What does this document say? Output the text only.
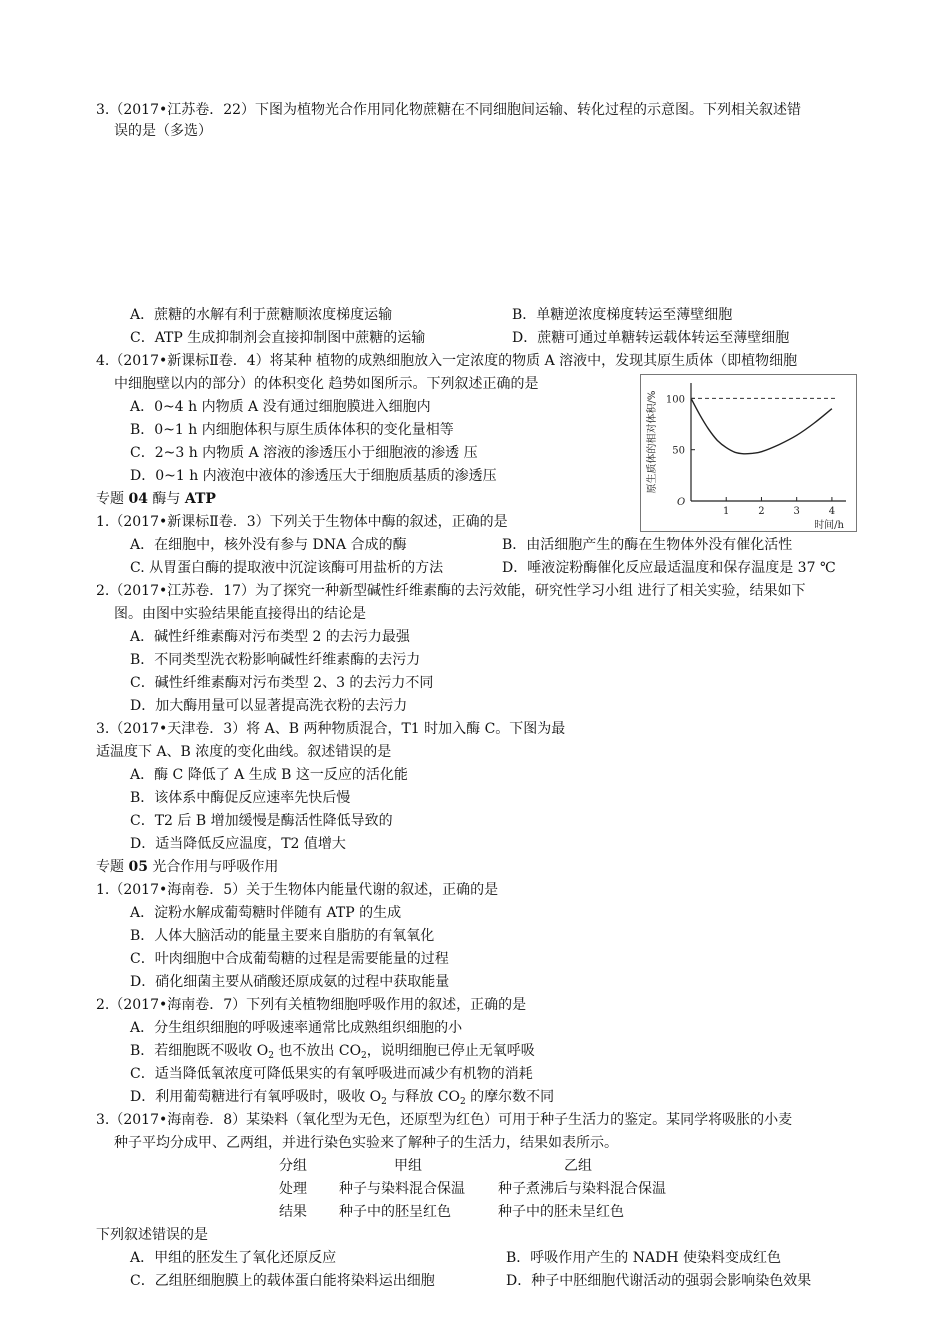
3.（2017•江苏卷．22）下图为植物光合作用同化物蔗糖在不同细胞间运输、转化过程的示意图。下列相关叙述错
误的是（多选）
A．蔗糖的水解有利于蔗糖顺浓度梯度运输	B．单糖逆浓度梯度转运至薄壁细胞
C．ATP 生成抑制剂会直接抑制图中蔗糖的运输	D．蔗糖可通过单糖转运载体转运至薄壁细胞
4.（2017•新课标Ⅱ卷．4）将某种 植物的成熟细胞放入一定浓度的物质 A 溶液中，发现其原生质体（即植物细胞
中细胞壁以内的部分）的体积变化 趋势如图所示。下列叙述正确的是
A．0~4 h 内物质 A 没有通过细胞膜进入细胞内
B．0~1 h 内细胞体积与原生质体体积的变化量相等
C．2~3 h 内物质 A 溶液的渗透压小于细胞液的渗透 压
D．0~1 h 内液泡中液体的渗透压大于细胞质基质的渗透压
1	2	3	4
50
100
O
时间/h
原生质体的相对体积/%
专题 04 酶与 ATP
1.（2017•新课标Ⅱ卷．3）下列关于生物体中酶的叙述，正确的是
A．在细胞中，核外没有参与 DNA 合成的酶	B．由活细胞产生的酶在生物体外没有催化活性
C. 从胃蛋白酶的提取液中沉淀该酶可用盐析的方法	D．唾液淀粉酶催化反应最适温度和保存温度是 37 ℃
2.（2017•江苏卷．17）为了探究一种新型碱性纤维素酶的去污效能，研究性学习小组 进行了相关实验，结果如下
图。由图中实验结果能直接得出的结论是
A．碱性纤维素酶对污布类型 2 的去污力最强
B．不同类型洗衣粉影响碱性纤维素酶的去污力
C．碱性纤维素酶对污布类型 2、3 的去污力不同
D．加大酶用量可以显著提高洗衣粉的去污力
3.（2017•天津卷．3）将 A、B 两种物质混合，T1 时加入酶 C。下图为最
适温度下 A、B 浓度的变化曲线。叙述错误的是
A．酶 C 降低了 A 生成 B 这一反应的活化能
B．该体系中酶促反应速率先快后慢
C．T2 后 B 增加缓慢是酶活性降低导致的
D．适当降低反应温度，T2 值增大
专题 05 光合作用与呼吸作用
1.（2017•海南卷．5）关于生物体内能量代谢的叙述，正确的是
A．淀粉水解成葡萄糖时伴随有 ATP 的生成
B．人体大脑活动的能量主要来自脂肪的有氧氧化
C．叶肉细胞中合成葡萄糖的过程是需要能量的过程
D．硝化细菌主要从硝酸还原成氨的过程中获取能量
2.（2017•海南卷．7）下列有关植物细胞呼吸作用的叙述，正确的是
A．分生组织细胞的呼吸速率通常比成熟组织细胞的小
B．若细胞既不吸收 $O_2$ 也不放出 $CO_2$，说明细胞已停止无氧呼吸
C．适当降低氧浓度可降低果实的有氧呼吸进而减少有机物的消耗
D．利用葡萄糖进行有氧呼吸时，吸收 $O_2$ 与释放 $CO_2$ 的摩尔数不同
3.（2017•海南卷．8）某染料（氧化型为无色，还原型为红色）可用于种子生活力的鉴定。某同学将吸胀的小麦
种子平均分成甲、乙两组，并进行染色实验来了解种子的生活力，结果如表所示。
分组	甲组	乙组
处理 种子与染料混合保温 种子煮沸后与染料混合保温
结果 种子中的胚呈红色	种子中的胚未呈红色
下列叙述错误的是
A．甲组的胚发生了氧化还原反应	B．呼吸作用产生的 NADH 使染料变成红色
C．乙组胚细胞膜上的载体蛋白能将染料运出细胞	D．种子中胚细胞代谢活动的强弱会影响染色效果
